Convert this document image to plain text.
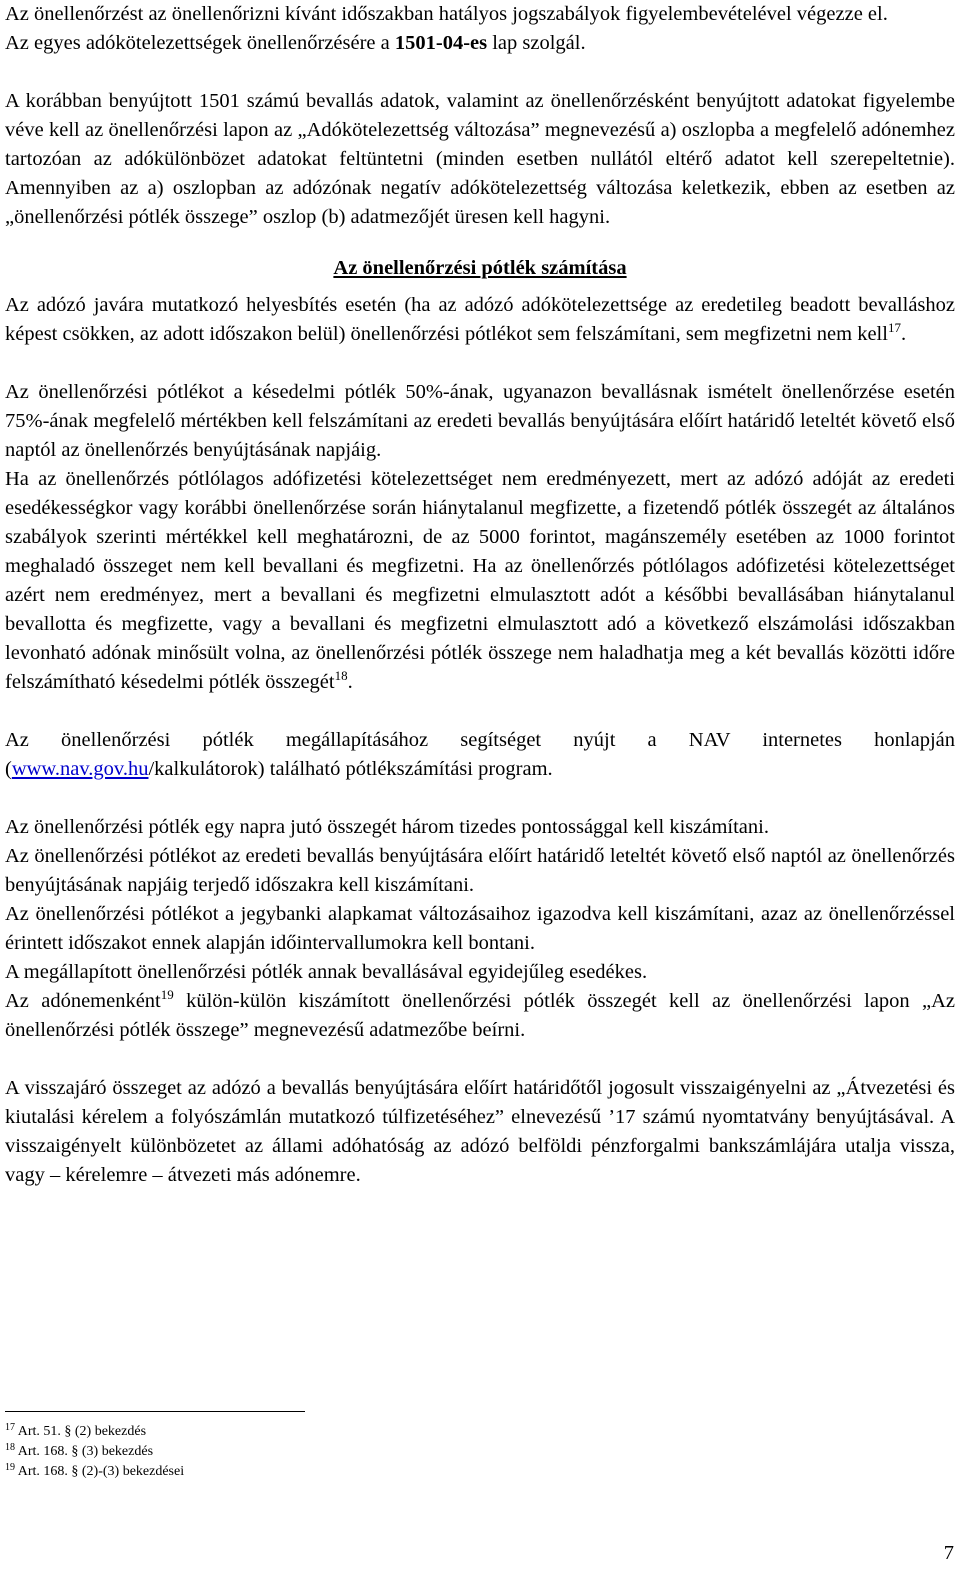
Az önellenőrzést az önellenőrizni kívánt időszakban hatályos jogszabályok figyelembevételével végezze el.

Az egyes adókötelezettségek önellenőrzésére a 1501-04-es lap szolgál.

A korábban benyújtott 1501 számú bevallás adatok, valamint az önellenőrzésként benyújtott adatokat figyelembe véve kell az önellenőrzési lapon az „Adókötelezettség változása” megnevezésű a) oszlopba a megfelelő adónemhez tartozóan az adókülönbözet adatokat feltüntetni (minden esetben nullától eltérő adatot kell szerepeltetnie). Amennyiben az a) oszlopban az adózónak negatív adókötelezettség változása keletkezik, ebben az esetben az „önellenőrzési pótlék összege” oszlop (b) adatmezőjét üresen kell hagyni.

Az önellenőrzési pótlék számítása

Az adózó javára mutatkozó helyesbítés esetén (ha az adózó adókötelezettsége az eredetileg beadott bevalláshoz képest csökken, az adott időszakon belül) önellenőrzési pótlékot sem felszámítani, sem megfizetni nem kell$^{17}$.

Az önellenőrzési pótlékot a késedelmi pótlék 50%-ának, ugyanazon bevallásnak ismételt önellenőrzése esetén 75%-ának megfelelő mértékben kell felszámítani az eredeti bevallás benyújtására előírt határidő leteltét követő első naptól az önellenőrzés benyújtásának napjáig.

Ha az önellenőrzés pótlólagos adófizetési kötelezettséget nem eredményezett, mert az adózó adóját az eredeti esedékességkor vagy korábbi önellenőrzése során hiánytalanul megfizette, a fizetendő pótlék összegét az általános szabályok szerinti mértékkel kell meghatározni, de az 5000 forintot, magánszemély esetében az 1000 forintot meghaladó összeget nem kell bevallani és megfizetni. Ha az önellenőrzés pótlólagos adófizetési kötelezettséget azért nem eredményez, mert a bevallani és megfizetni elmulasztott adót a későbbi bevallásában hiánytalanul bevallotta és megfizette, vagy a bevallani és megfizetni elmulasztott adó a következő elszámolási időszakban levonható adónak minősült volna, az önellenőrzési pótlék összege nem haladhatja meg a két bevallás közötti időre felszámítható késedelmi pótlék összegét$^{18}$.

Az önellenőrzési pótlék megállapításához segítséget nyújt a NAV internetes honlapján (www.nav.gov.hu/kalkulátorok) található pótlékszámítási program.

Az önellenőrzési pótlék egy napra jutó összegét három tizedes pontossággal kell kiszámítani.

Az önellenőrzési pótlékot az eredeti bevallás benyújtására előírt határidő leteltét követő első naptól az önellenőrzés benyújtásának napjáig terjedő időszakra kell kiszámítani.

Az önellenőrzési pótlékot a jegybanki alapkamat változásaihoz igazodva kell kiszámítani, azaz az önellenőrzéssel érintett időszakot ennek alapján időintervallumokra kell bontani.

A megállapított önellenőrzési pótlék annak bevallásával egyidejűleg esedékes.

Az adónemenként$^{19}$ külön-külön kiszámított önellenőrzési pótlék összegét kell az önellenőrzési lapon „Az önellenőrzési pótlék összege” megnevezésű adatmezőbe beírni.

A visszajáró összeget az adózó a bevallás benyújtására előírt határidőtől jogosult visszaigényelni az „Átvezetési és kiutalási kérelem a folyószámlán mutatkozó túlfizetéséhez” elnevezésű ’17 számú nyomtatvány benyújtásával. A visszaigényelt különbözetet az állami adóhatóság az adózó belföldi pénzforgalmi bankszámlájára utalja vissza, vagy – kérelemre – átvezeti más adónemre.

$^{17}$ Art. 51. § (2) bekezdés

$^{18}$ Art. 168. § (3) bekezdés

$^{19}$ Art. 168. § (2)-(3) bekezdései

7
